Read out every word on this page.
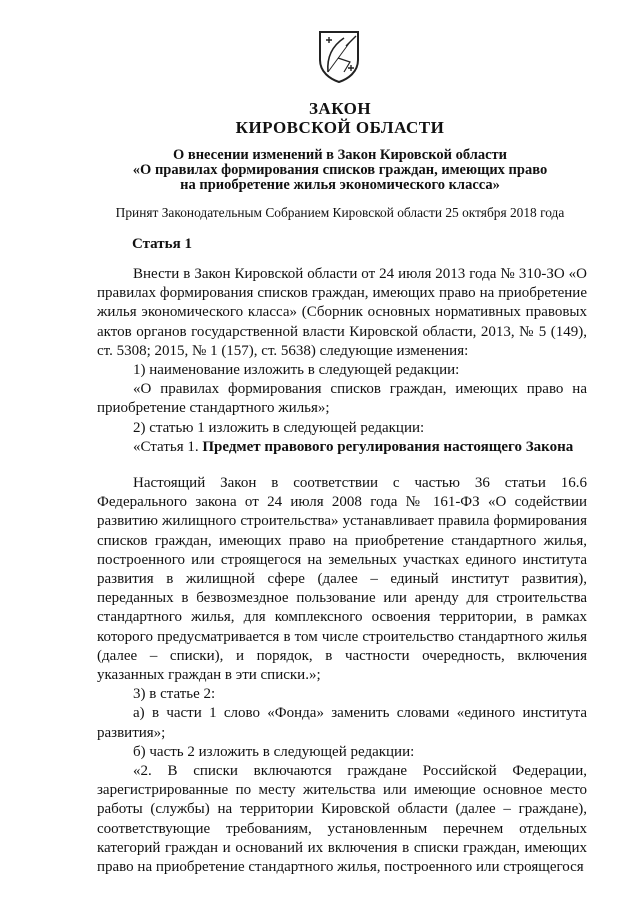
ЗАКОН
КИРОВСКОЙ ОБЛАСТИ
О внесении изменений в Закон Кировской области
«О правилах формирования списков граждан, имеющих право
на приобретение жилья экономического класса»
Принят Законодательным Собранием Кировской области 25 октября 2018 года
Статья 1

Внести в Закон Кировской области от 24 июля 2013 года № 310-ЗО «О правилах формирования списков граждан, имеющих право на приобретение жилья экономического класса» (Сборник основных нормативных правовых актов органов государственной власти Кировской области, 2013, № 5 (149), ст. 5308; 2015, № 1 (157), ст. 5638) следующие изменения:

1) наименование изложить в следующей редакции:

«О правилах формирования списков граждан, имеющих право на приобретение стандартного жилья»;

2) статью 1 изложить в следующей редакции:

«Статья 1. Предмет правового регулирования настоящего Закона

Настоящий Закон в соответствии с частью 36 статьи 16.6 Федерального закона от 24 июля 2008 года № 161-ФЗ «О содействии развитию жилищного строительства» устанавливает правила формирования списков граждан, имеющих право на приобретение стандартного жилья, построенного или строящегося на земельных участках единого института развития в жилищной сфере (далее – единый институт развития), переданных в безвозмездное пользование или аренду для строительства стандартного жилья, для комплексного освоения территории, в рамках которого предусматривается в том числе строительство стандартного жилья (далее – списки), и порядок, в частности очередность, включения указанных граждан в эти списки.»;

3) в статье 2:

а) в части 1 слово «Фонда» заменить словами «единого института развития»;

б) часть 2 изложить в следующей редакции:

«2. В списки включаются граждане Российской Федерации, зарегистрированные по месту жительства или имеющие основное место работы (службы) на территории Кировской области (далее – граждане), соответствующие требованиям, установленным перечнем отдельных категорий граждан и оснований их включения в списки граждан, имеющих право на приобретение стандартного жилья, построенного или строящегося
